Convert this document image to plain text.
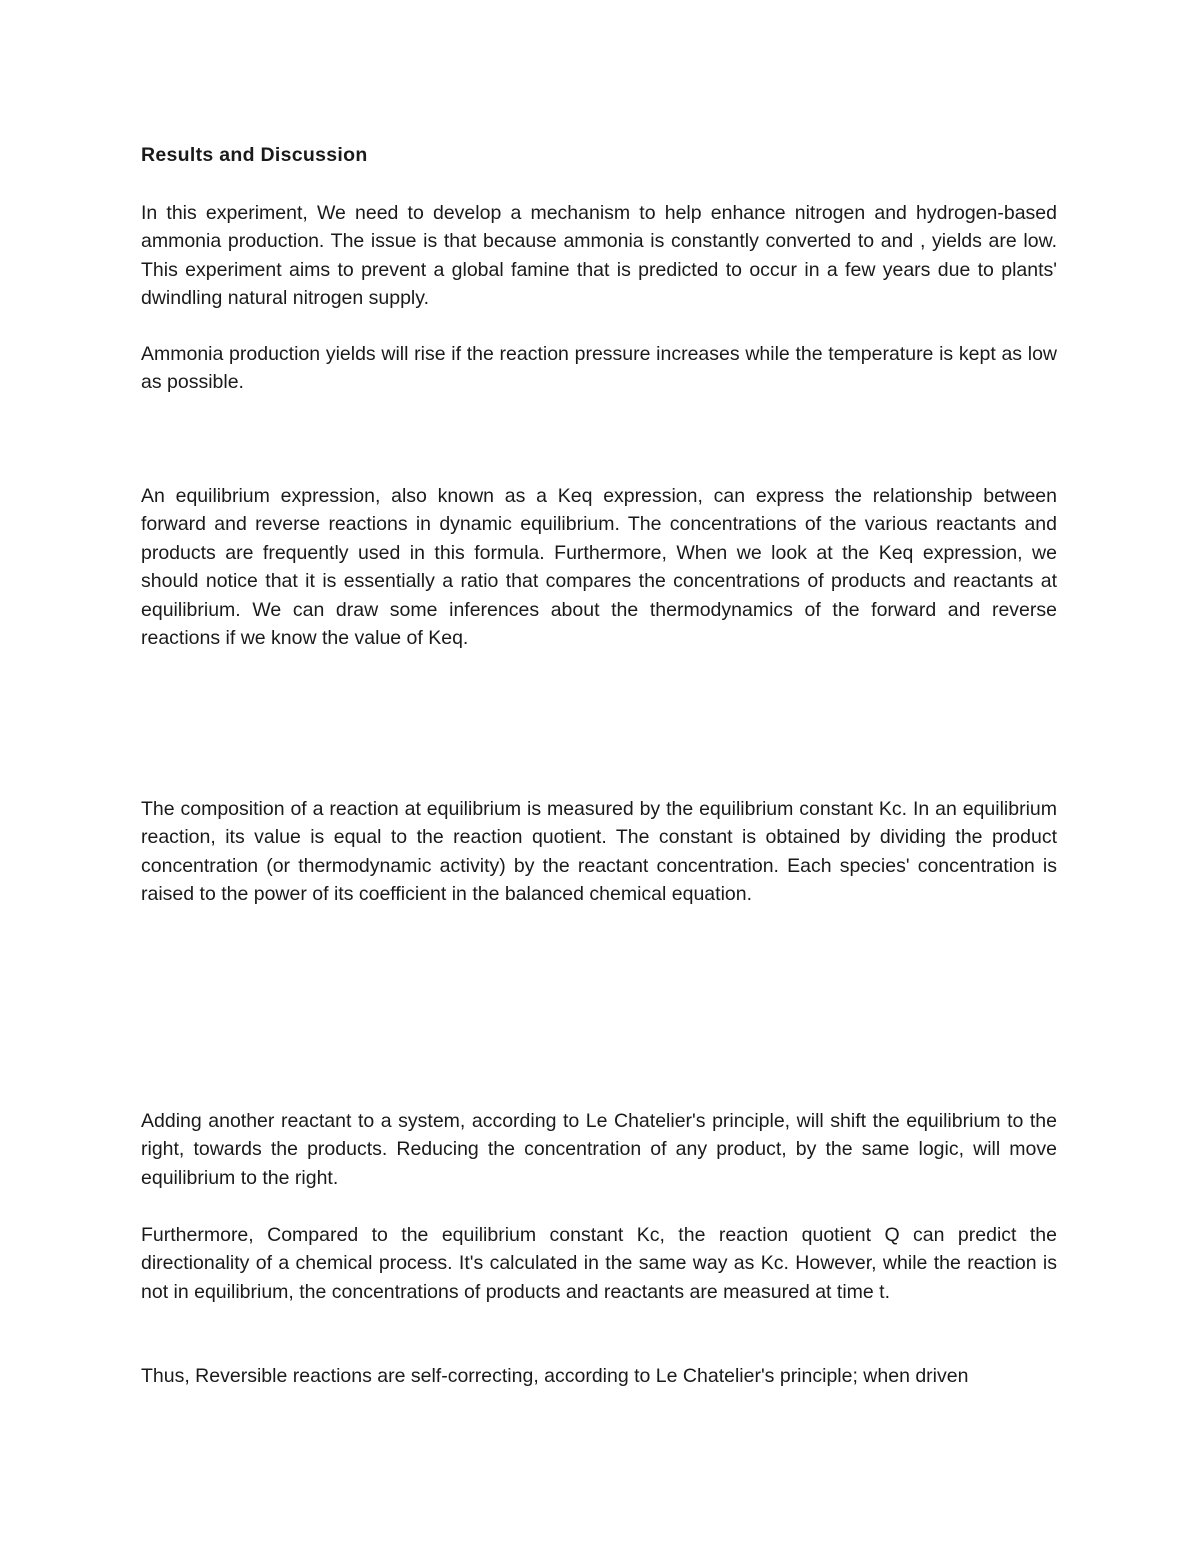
Results and Discussion

In this experiment, We need to develop a mechanism to help enhance nitrogen and hydrogen-based ammonia production. The issue is that because ammonia is constantly converted to and , yields are low. This experiment aims to prevent a global famine that is predicted to occur in a few years due to plants' dwindling natural nitrogen supply.

Ammonia production yields will rise if the reaction pressure increases while the temperature is kept as low as possible.

An equilibrium expression, also known as a Keq expression, can express the relationship between forward and reverse reactions in dynamic equilibrium. The concentrations of the various reactants and products are frequently used in this formula. Furthermore, When we look at the Keq expression, we should notice that it is essentially a ratio that compares the concentrations of products and reactants at equilibrium. We can draw some inferences about the thermodynamics of the forward and reverse reactions if we know the value of Keq.

The composition of a reaction at equilibrium is measured by the equilibrium constant Kc. In an equilibrium reaction, its value is equal to the reaction quotient. The constant is obtained by dividing the product concentration (or thermodynamic activity) by the reactant concentration. Each species' concentration is raised to the power of its coefficient in the balanced chemical equation.

Adding another reactant to a system, according to Le Chatelier's principle, will shift the equilibrium to the right, towards the products. Reducing the concentration of any product, by the same logic, will move equilibrium to the right.

Furthermore, Compared to the equilibrium constant Kc, the reaction quotient Q can predict the directionality of a chemical process. It's calculated in the same way as Kc. However, while the reaction is not in equilibrium, the concentrations of products and reactants are measured at time t.

Thus, Reversible reactions are self-correcting, according to Le Chatelier's principle; when driven
